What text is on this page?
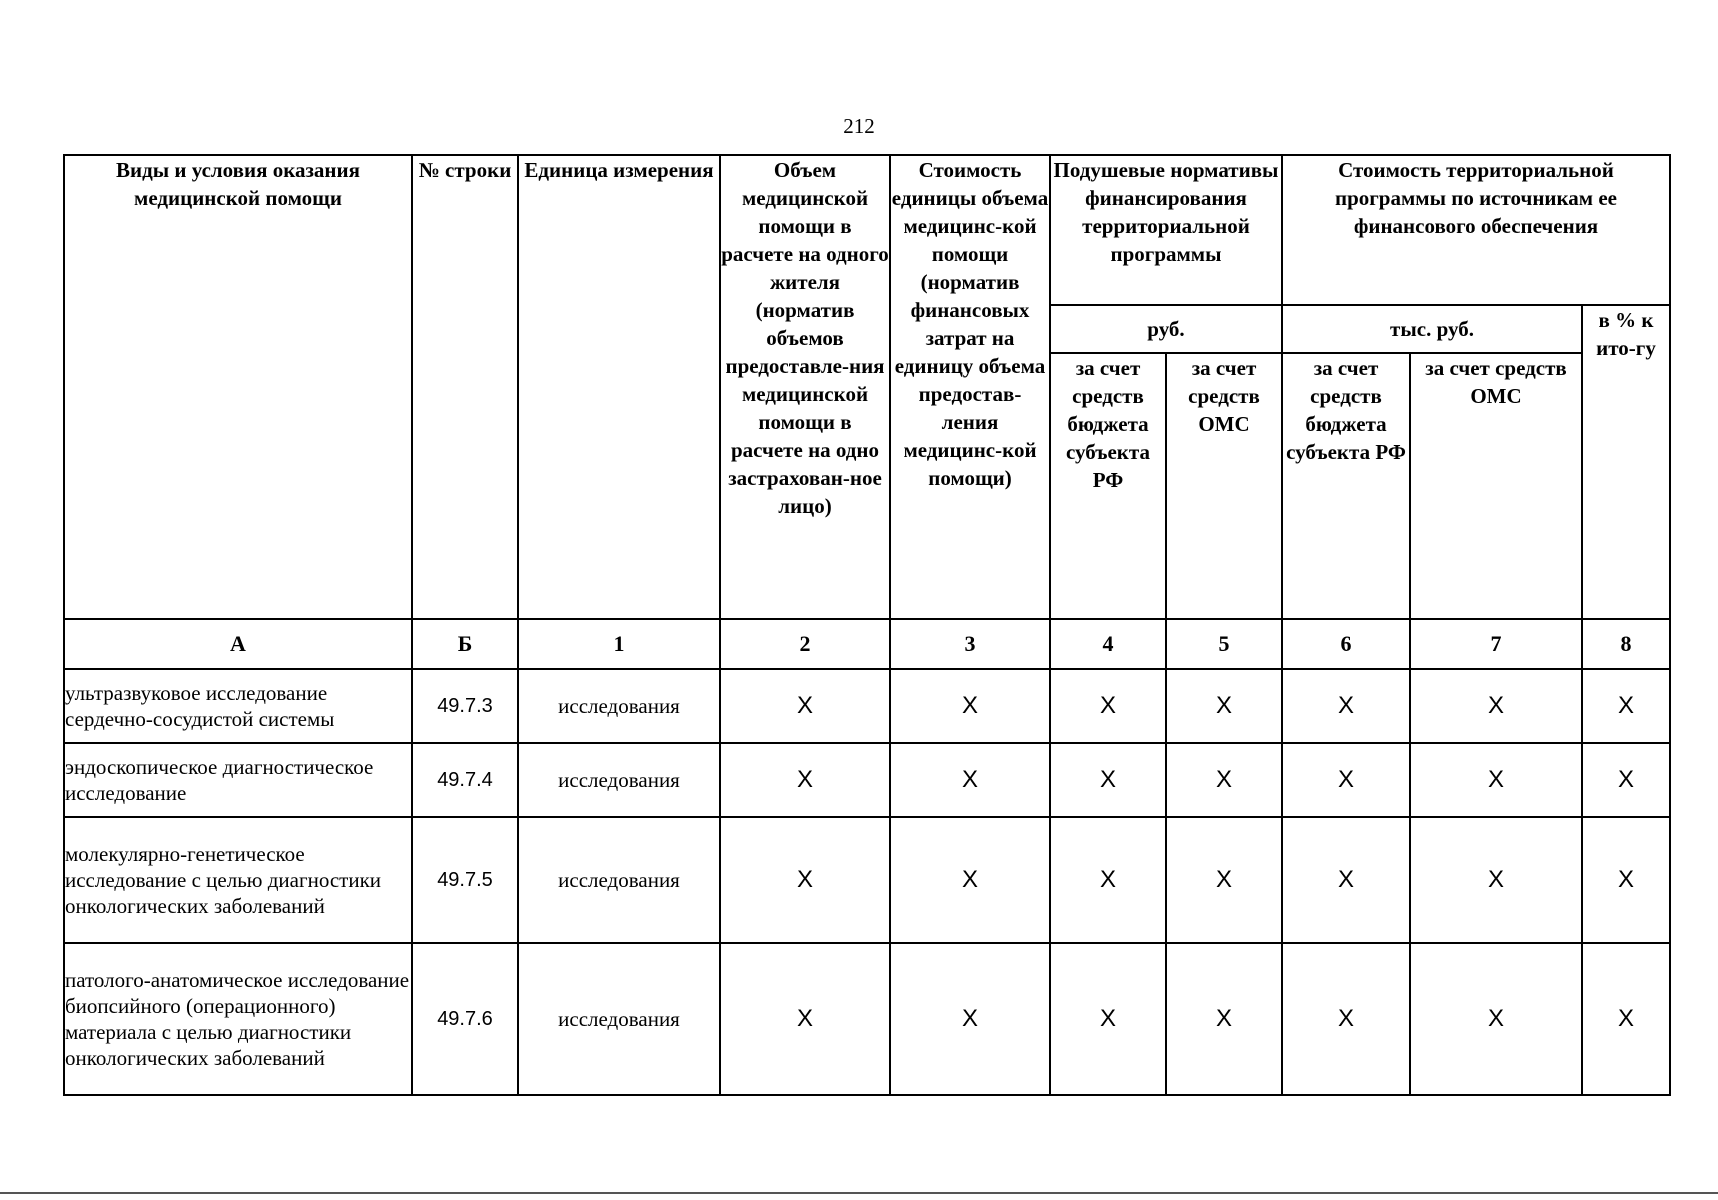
212
Виды и условия оказания медицинской помощи	№ строки	Единица измерения	Объем медицинской помощи в расчете на одного жителя (норматив объемов предоставле-ния медицинской помощи в расчете на одно застрахован-ное лицо)	Стоимость единицы объема медицинс-кой помощи (норматив финансовых затрат на единицу объема предостав-ления медицинс-кой помощи)	Подушевые нормативы финансирования территориальной программы		Стоимость территориальной программы по источникам ее финансового обеспечения		
					руб.		тыс. руб.		в % к ито-гу
					за счет средств бюджета субъекта РФ	за счет средств ОМС	за счет средств бюджета субъекта РФ	за счет средств ОМС	
А	Б	1	2	3	4	5	6	7	8
ультразвуковое исследование сердечно-сосудистой системы	49.7.3	исследования	Х	Х	Х	Х	Х	Х	Х
эндоскопическое диагностическое исследование	49.7.4	исследования	Х	Х	Х	Х	Х	Х	Х
молекулярно-генетическое исследование с целью диагностики онкологических заболеваний	49.7.5	исследования	Х	Х	Х	Х	Х	Х	Х
патолого-анатомическое исследование биопсийного (операционного) материала с целью диагностики онкологических заболеваний	49.7.6	исследования	Х	Х	Х	Х	Х	Х	Х
